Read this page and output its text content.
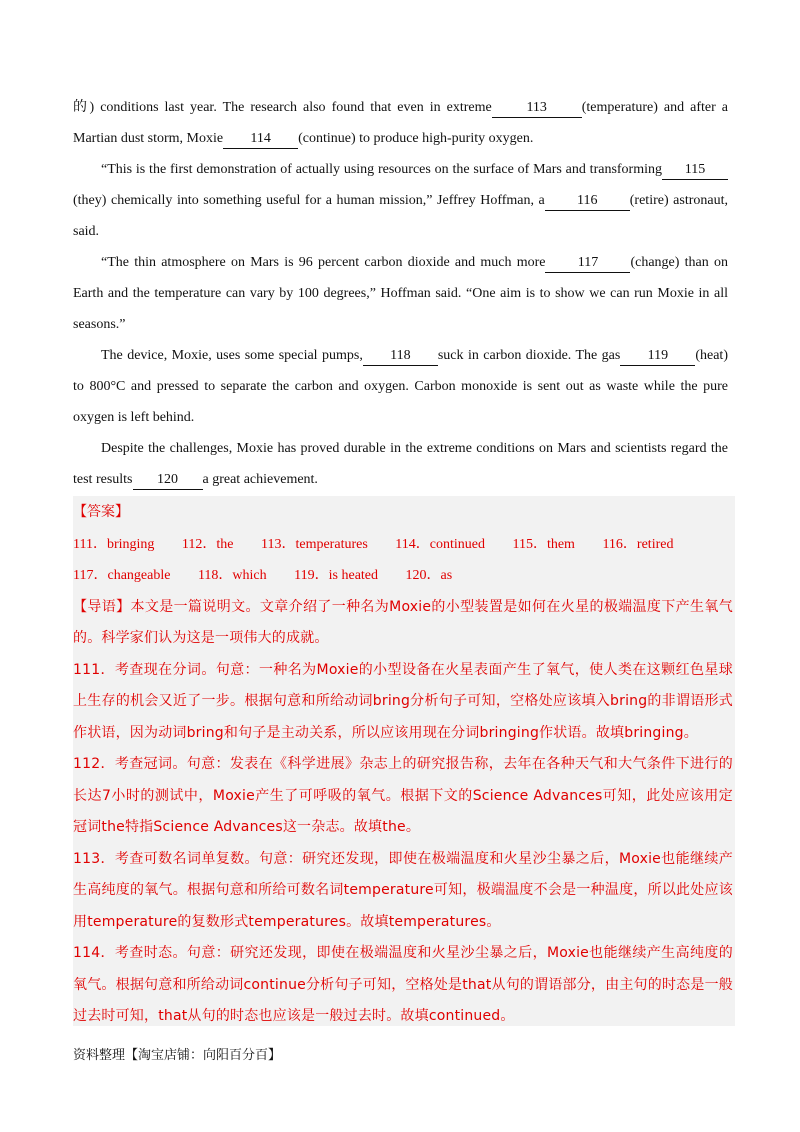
的) conditions last year. The research also found that even in extreme 113 (temperature) and after a Martian dust storm, Moxie 114 (continue) to produce high-purity oxygen.

“This is the first demonstration of actually using resources on the surface of Mars and transforming 115(they) chemically into something useful for a human mission,” Jeffrey Hoffman, a 116 (retire) astronaut, said.

“The thin atmosphere on Mars is 96 percent carbon dioxide and much more 117 (change) than on Earth and the temperature can vary by 100 degrees,” Hoffman said. “One aim is to show we can run Moxie in all seasons.”

The device, Moxie, uses some special pumps, 118 suck in carbon dioxide. The gas 119 (heat) to 800°C and pressed to separate the carbon and oxygen. Carbon monoxide is sent out as waste while the pure oxygen is left behind.

Despite the challenges, Moxie has proved durable in the extreme conditions on Mars and scientists regard the test results 120 a great achievement.

【答案】

111．bringing 112．the 113．temperatures 114．continued 115．them 116．retired

117．changeable 118．which 119．is heated 120．as

【导语】本文是一篇说明文。文章介绍了一种名为Moxie的小型装置是如何在火星的极端温度下产生氧气的。科学家们认为这是一项伟大的成就。

111．考查现在分词。句意：一种名为Moxie的小型设备在火星表面产生了氧气，使人类在这颗红色星球上生存的机会又近了一步。根据句意和所给动词bring分析句子可知，空格处应该填入bring的非谓语形式作状语，因为动词bring和句子是主动关系，所以应该用现在分词bringing作状语。故填bringing。

112．考查冠词。句意：发表在《科学进展》杂志上的研究报告称，去年在各种天气和大气条件下进行的长达7小时的测试中，Moxie产生了可呼吸的氧气。根据下文的Science Advances可知，此处应该用定冠词the特指Science Advances这一杂志。故填the。

113．考查可数名词单复数。句意：研究还发现，即使在极端温度和火星沙尘暴之后，Moxie也能继续产生高纯度的氧气。根据句意和所给可数名词temperature可知，极端温度不会是一种温度，所以此处应该用temperature的复数形式temperatures。故填temperatures。

114．考查时态。句意：研究还发现，即使在极端温度和火星沙尘暴之后，Moxie也能继续产生高纯度的氧气。根据句意和所给动词continue分析句子可知，空格处是that从句的谓语部分，由主句的时态是一般过去时可知，that从句的时态也应该是一般过去时。故填continued。

资料整理【淘宝店铺：向阳百分百】
